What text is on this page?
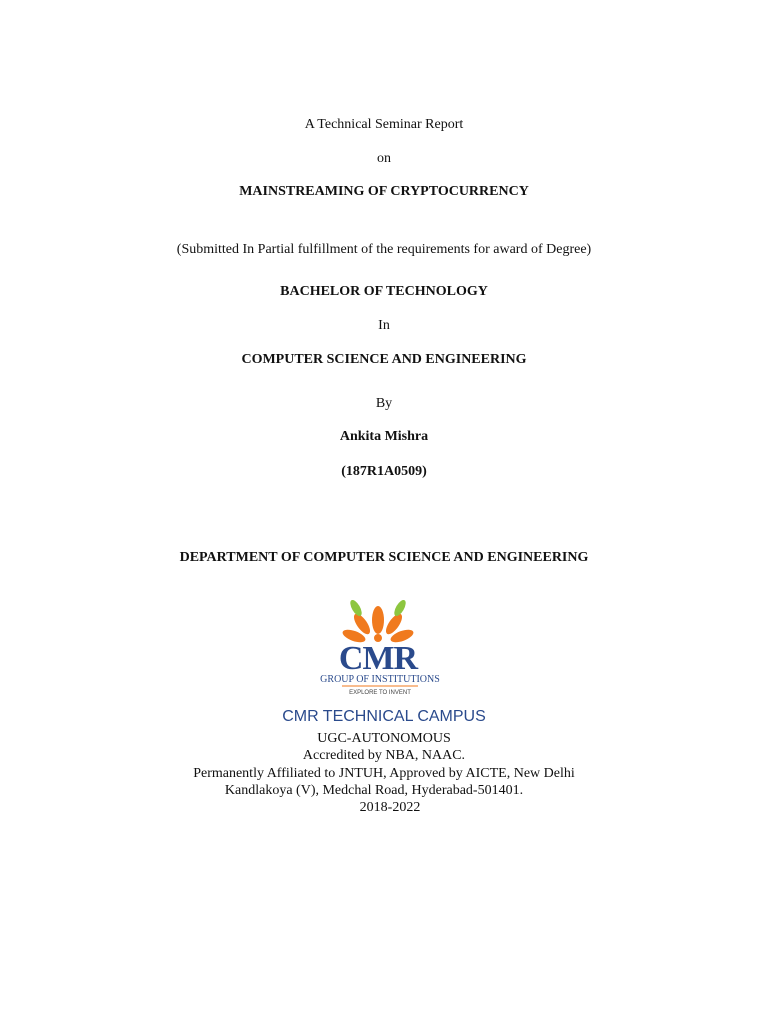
A Technical Seminar Report
on
MAINSTREAMING OF CRYPTOCURRENCY
(Submitted In Partial fulfillment of the requirements for award of Degree)
BACHELOR OF TECHNOLOGY
In
COMPUTER SCIENCE AND ENGINEERING
By
Ankita Mishra
(187R1A0509)
DEPARTMENT OF COMPUTER SCIENCE AND ENGINEERING
CMR
GROUP OF INSTITUTIONS
EXPLORE TO INVENT
CMR TECHNICAL CAMPUS
UGC-AUTONOMOUS
Accredited by NBA, NAAC.
Permanently Affiliated to JNTUH, Approved by AICTE, New Delhi
Kandlakoya (V), Medchal Road, Hyderabad-501401.
2018-2022
